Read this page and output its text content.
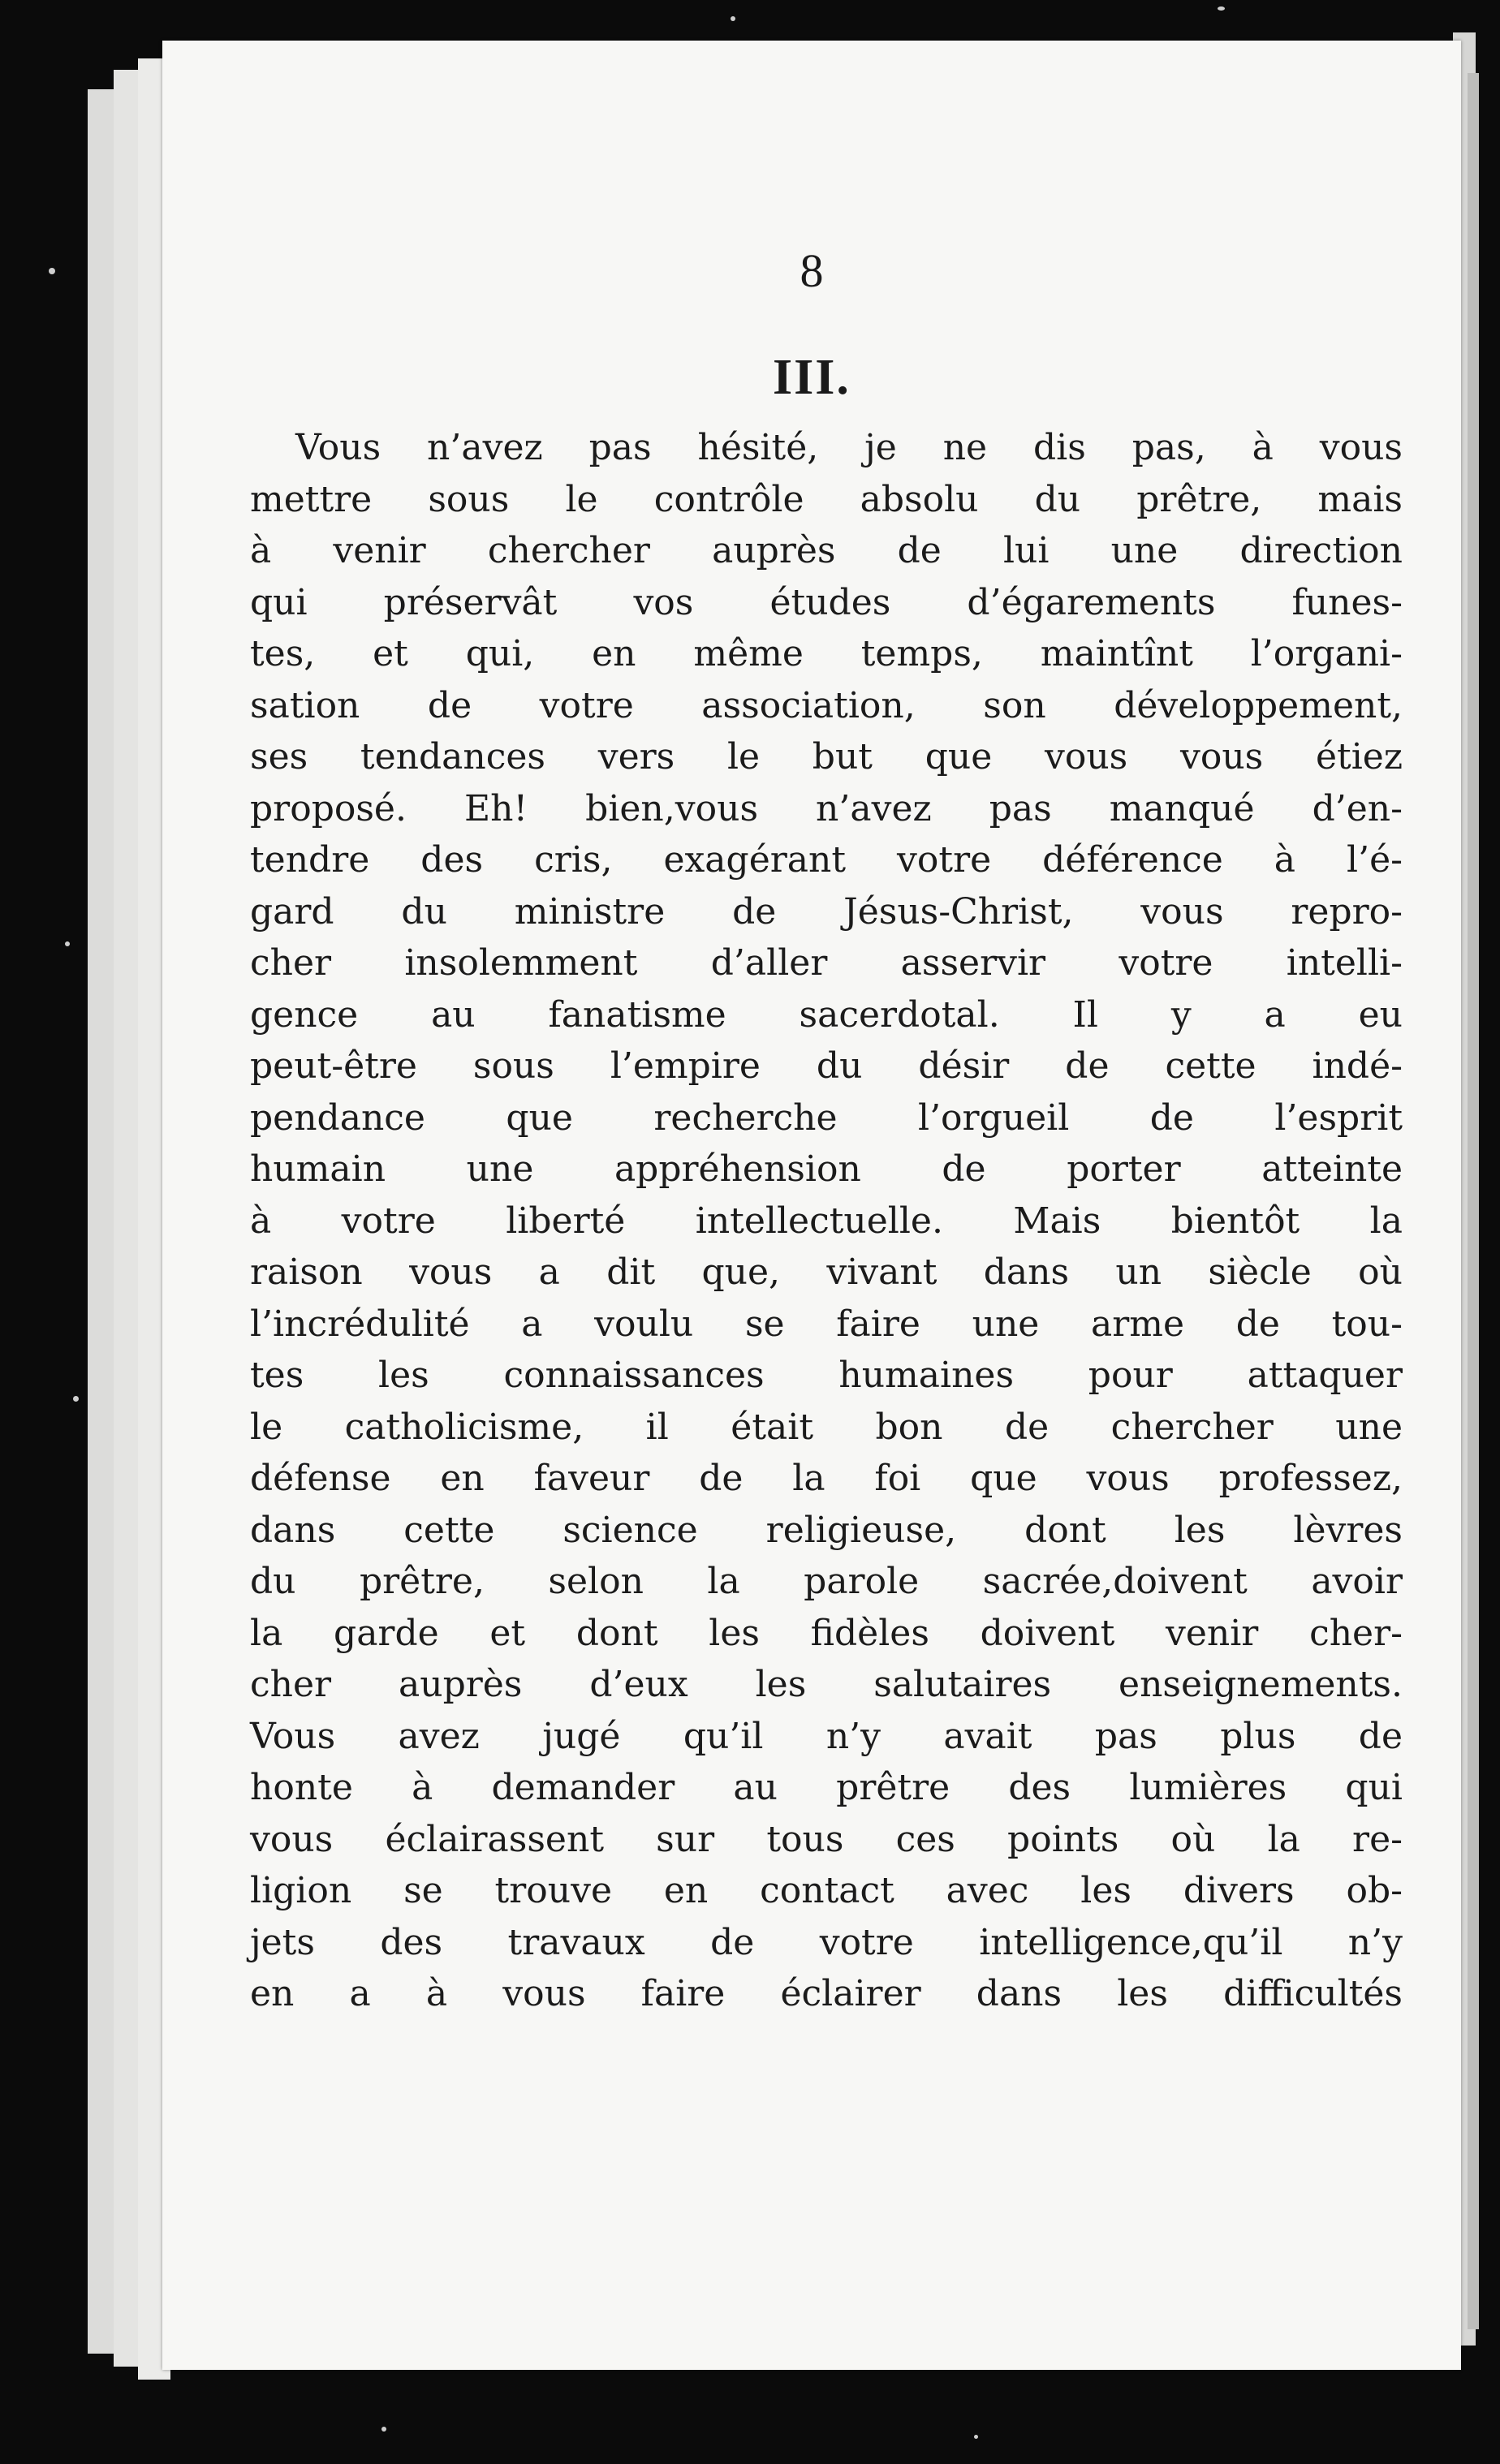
8
III.
Vous n’avez pas hésité, je ne dis pas, à vous
mettre sous le contrôle absolu du prêtre, mais
à venir chercher auprès de lui une direction
qui préservât vos études d’égarements funes-
tes, et qui, en même temps, maintînt l’organi-
sation de votre association, son développement,
ses tendances vers le but que vous vous étiez
proposé. Eh! bien,vous n’avez pas manqué d’en-
tendre des cris, exagérant votre déférence à l’é-
gard du ministre de Jésus-Christ, vous repro-
cher insolemment d’aller asservir votre intelli-
gence au fanatisme sacerdotal. Il y a eu
peut-être sous l’empire du désir de cette indé-
pendance que recherche l’orgueil de l’esprit
humain une appréhension de porter atteinte
à votre liberté intellectuelle. Mais bientôt la
raison vous a dit que, vivant dans un siècle où
l’incrédulité a voulu se faire une arme de tou-
tes les connaissances humaines pour attaquer
le catholicisme, il était bon de chercher une
défense en faveur de la foi que vous professez,
dans cette science religieuse, dont les lèvres
du prêtre, selon la parole sacrée,doivent avoir
la garde et dont les fidèles doivent venir cher-
cher auprès d’eux les salutaires enseignements.
Vous avez jugé qu’il n’y avait pas plus de
honte à demander au prêtre des lumières qui
vous éclairassent sur tous ces points où la re-
ligion se trouve en contact avec les divers ob-
jets des travaux de votre intelligence,qu’il n’y
en a à vous faire éclairer dans les difficultés
